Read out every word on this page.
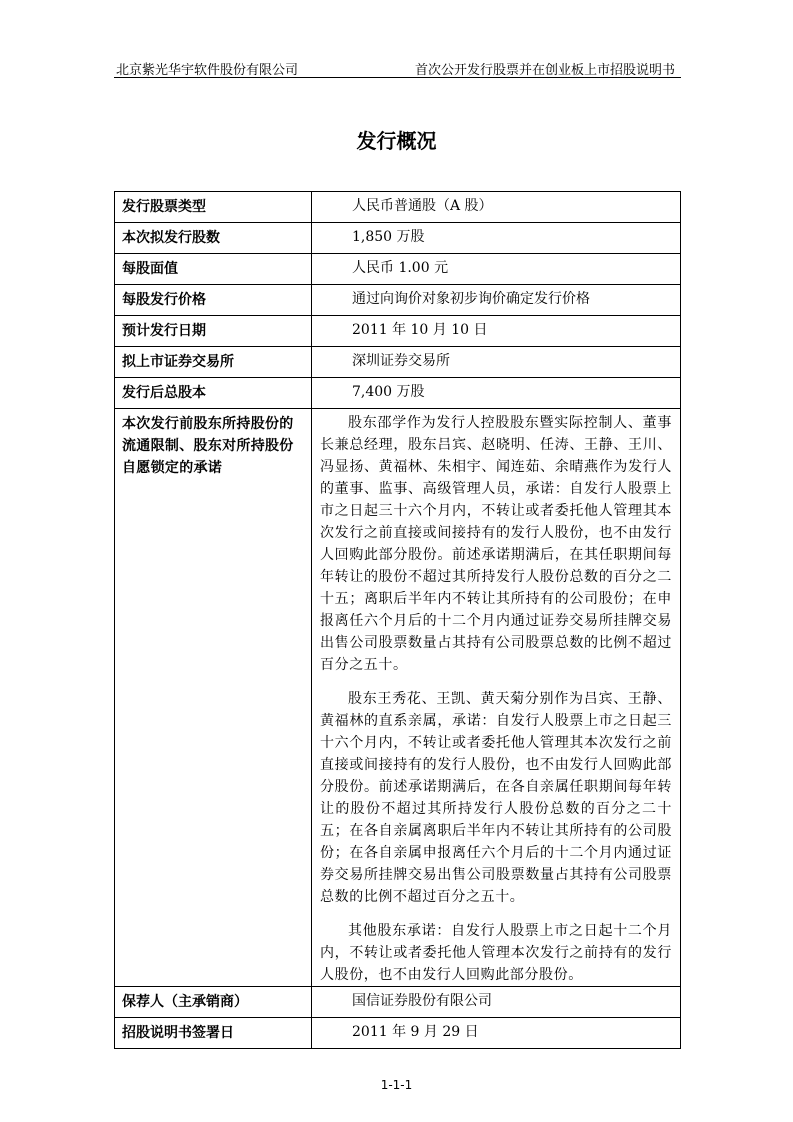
北京紫光华宇软件股份有限公司	首次公开发行股票并在创业板上市招股说明书
发行概况
发行股票类型	人民币普通股（A 股）
本次拟发行股数	1,850 万股
每股面值	人民币 1.00 元
每股发行价格	通过向询价对象初步询价确定发行价格
预计发行日期	2011 年 10 月 10 日
拟上市证券交易所	深圳证券交易所
发行后总股本	7,400 万股
本次发行前股东所持股份的流通限制、股东对所持股份自愿锁定的承诺	股东邵学作为发行人控股股东暨实际控制人、董事长兼总经理，股东吕宾、赵晓明、任涛、王静、王川、冯显扬、黄福林、朱相宇、闻连茹、余晴燕作为发行人的董事、监事、高级管理人员，承诺：自发行人股票上市之日起三十六个月内，不转让或者委托他人管理其本次发行之前直接或间接持有的发行人股份，也不由发行人回购此部分股份。前述承诺期满后，在其任职期间每年转让的股份不超过其所持发行人股份总数的百分之二十五；离职后半年内不转让其所持有的公司股份；在申报离任六个月后的十二个月内通过证券交易所挂牌交易出售公司股票数量占其持有公司股票总数的比例不超过百分之五十。

股东王秀花、王凯、黄天菊分别作为吕宾、王静、黄福林的直系亲属，承诺：自发行人股票上市之日起三十六个月内，不转让或者委托他人管理其本次发行之前直接或间接持有的发行人股份，也不由发行人回购此部分股份。前述承诺期满后，在各自亲属任职期间每年转让的股份不超过其所持发行人股份总数的百分之二十五；在各自亲属离职后半年内不转让其所持有的公司股份；在各自亲属申报离任六个月后的十二个月内通过证券交易所挂牌交易出售公司股票数量占其持有公司股票总数的比例不超过百分之五十。

其他股东承诺：自发行人股票上市之日起十二个月内，不转让或者委托他人管理本次发行之前持有的发行人股份，也不由发行人回购此部分股份。

保荐人（主承销商）	国信证券股份有限公司
招股说明书签署日	2011 年 9 月 29 日
1-1-1
